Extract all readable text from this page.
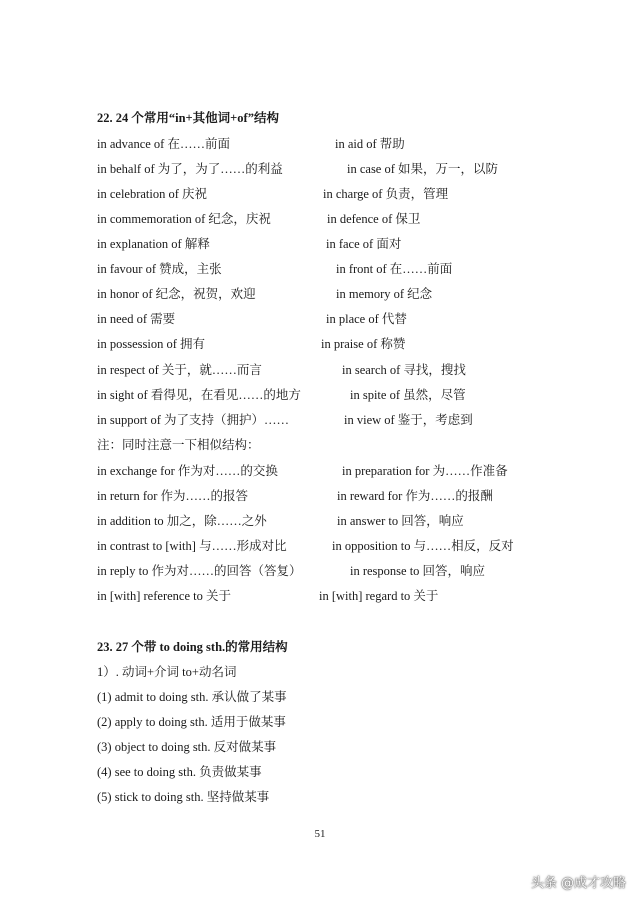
22. 24 个常用“in+其他词+of”结构
in advance of 在……前面	in aid of 帮助
in behalf of 为了，为了……的利益	in case of 如果，万一，以防
in celebration of 庆祝	in charge of 负责，管理
in commemoration of 纪念，庆祝	in defence of 保卫
in explanation of 解释	in face of 面对
in favour of 赞成，主张	in front of 在……前面
in honor of 纪念，祝贺，欢迎	in memory of 纪念
in need of 需要	in place of 代替
in possession of 拥有	in praise of 称赞
in respect of 关于，就……而言	in search of 寻找，搜找
in sight of 看得见，在看见……的地方	in spite of 虽然，尽管
in support of 为了支持（拥护）……	in view of 鉴于，考虑到
注：同时注意一下相似结构：
in exchange for 作为对……的交换	in preparation for 为……作准备
in return for 作为……的报答	in reward for 作为……的报酬
in addition to 加之，除……之外	in answer to 回答，响应
in contrast to [with] 与……形成对比	in opposition to 与……相反，反对
in reply to 作为对……的回答（答复）	in response to 回答，响应
in [with] reference to 关于	in [with] regard to 关于
23. 27 个带 to doing sth.的常用结构
1）. 动词+介词 to+动名词
(1) admit to doing sth. 承认做了某事
(2) apply to doing sth. 适用于做某事
(3) object to doing sth. 反对做某事
(4) see to doing sth. 负责做某事
(5) stick to doing sth. 坚持做某事
51
头条 @成才攻略
